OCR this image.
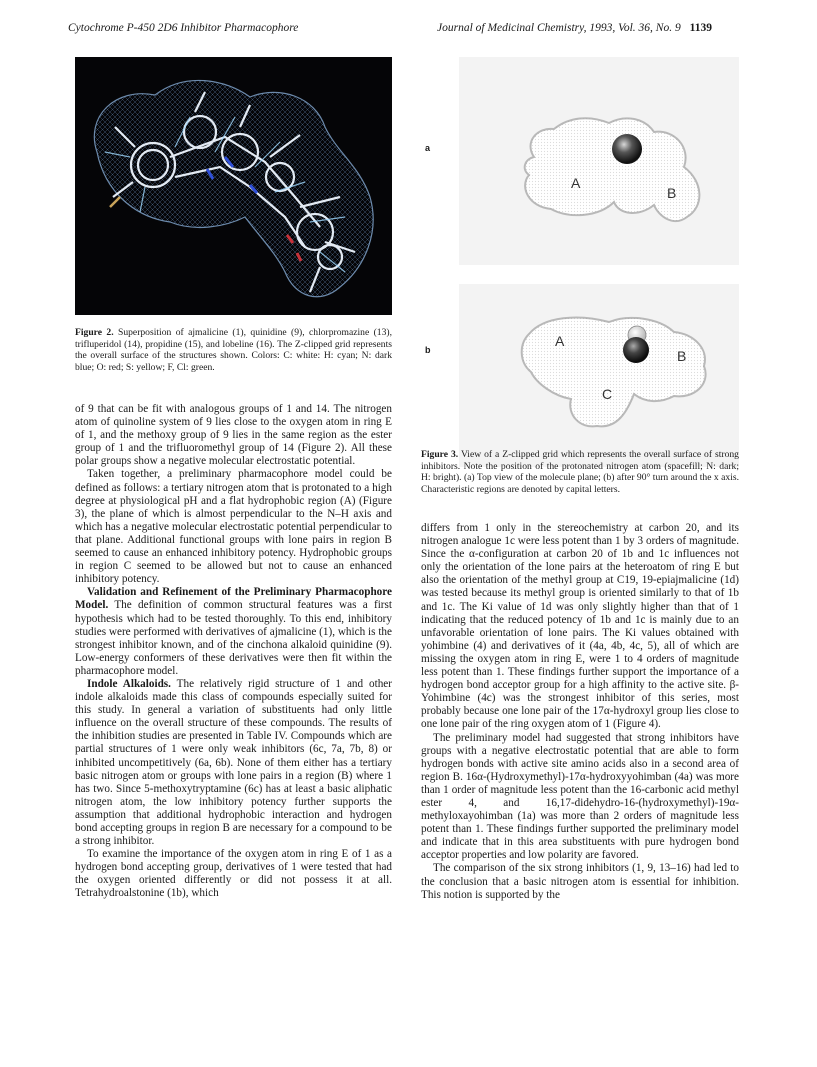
Cytochrome P-450 2D6 Inhibitor Pharmacophore	Journal of Medicinal Chemistry, 1993, Vol. 36, No. 9 1139
Figure 2. Superposition of ajmalicine (1), quinidine (9), chlorpromazine (13), trifluperidol (14), propidine (15), and lobeline (16). The Z-clipped grid represents the overall surface of the structures shown. Colors: C: white: H: cyan; N: dark blue; O: red; S: yellow; F, Cl: green.
a
b
A
B
A
B
C
Figure 3. View of a Z-clipped grid which represents the overall surface of strong inhibitors. Note the position of the protonated nitrogen atom (spacefill; N: dark; H: bright). (a) Top view of the molecule plane; (b) after 90° turn around the x axis. Characteristic regions are denoted by capital letters.

of 9 that can be fit with analogous groups of 1 and 14. The nitrogen atom of quinoline system of 9 lies close to the oxygen atom in ring E of 1, and the methoxy group of 9 lies in the same region as the ester group of 1 and the trifluoromethyl group of 14 (Figure 2). All these polar groups show a negative molecular electrostatic potential.

Taken together, a preliminary pharmacophore model could be defined as follows: a tertiary nitrogen atom that is protonated to a high degree at physiological pH and a flat hydrophobic region (A) (Figure 3), the plane of which is almost perpendicular to the N–H axis and which has a negative molecular electrostatic potential perpendicular to that plane. Additional functional groups with lone pairs in region B seemed to cause an enhanced inhibitory potency. Hydrophobic groups in region C seemed to be allowed but not to cause an enhanced inhibitory potency.

Validation and Refinement of the Preliminary Pharmacophore Model. The definition of common structural features was a first hypothesis which had to be tested thoroughly. To this end, inhibitory studies were performed with derivatives of ajmalicine (1), which is the strongest inhibitor known, and of the cinchona alkaloid quinidine (9). Low-energy conformers of these derivatives were then fit within the pharmacophore model.

Indole Alkaloids. The relatively rigid structure of 1 and other indole alkaloids made this class of compounds especially suited for this study. In general a variation of substituents had only little influence on the overall structure of these compounds. The results of the inhibition studies are presented in Table IV. Compounds which are partial structures of 1 were only weak inhibitors (6c, 7a, 7b, 8) or inhibited uncompetitively (6a, 6b). None of them either has a tertiary basic nitrogen atom or groups with lone pairs in a region (B) where 1 has two. Since 5-methoxytryptamine (6c) has at least a basic aliphatic nitrogen atom, the low inhibitory potency further supports the assumption that additional hydrophobic interaction and hydrogen bond accepting groups in region B are necessary for a compound to be a strong inhibitor.

To examine the importance of the oxygen atom in ring E of 1 as a hydrogen bond accepting group, derivatives of 1 were tested that had the oxygen oriented differently or did not possess it at all. Tetrahydroalstonine (1b), which

differs from 1 only in the stereochemistry at carbon 20, and its nitrogen analogue 1c were less potent than 1 by 3 orders of magnitude. Since the α-configuration at carbon 20 of 1b and 1c influences not only the orientation of the lone pairs at the heteroatom of ring E but also the orientation of the methyl group at C19, 19-epiajmalicine (1d) was tested because its methyl group is oriented similarly to that of 1b and 1c. The Ki value of 1d was only slightly higher than that of 1 indicating that the reduced potency of 1b and 1c is mainly due to an unfavorable orientation of lone pairs. The Ki values obtained with yohimbine (4) and derivatives of it (4a, 4b, 4c, 5), all of which are missing the oxygen atom in ring E, were 1 to 4 orders of magnitude less potent than 1. These findings further support the importance of a hydrogen bond acceptor group for a high affinity to the active site. β-Yohimbine (4c) was the strongest inhibitor of this series, most probably because one lone pair of the 17α-hydroxyl group lies close to one lone pair of the ring oxygen atom of 1 (Figure 4).

The preliminary model had suggested that strong inhibitors have groups with a negative electrostatic potential that are able to form hydrogen bonds with active site amino acids also in a second area of region B. 16α-(Hydroxymethyl)-17α-hydroxyyohimban (4a) was more than 1 order of magnitude less potent than the 16-carbonic acid methyl ester 4, and 16,17-didehydro-16-(hydroxymethyl)-19α-methyloxayohimban (1a) was more than 2 orders of magnitude less potent than 1. These findings further supported the preliminary model and indicate that in this area substituents with pure hydrogen bond acceptor properties and low polarity are favored.

The comparison of the six strong inhibitors (1, 9, 13–16) had led to the conclusion that a basic nitrogen atom is essential for inhibition. This notion is supported by the
